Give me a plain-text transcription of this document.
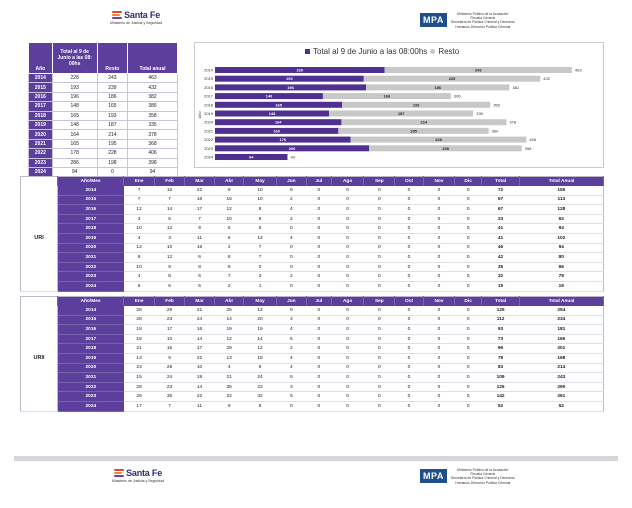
Santa Fe
Ministerio de Justicia y Seguridad	MPA
Ministerio Público de la Acusación
Fiscalía General
Secretaría de Política Criminal y Derechos
Humanos Dirección Política Criminal
Año	Total al 9 de Junio a las 08: 00hs	Resto	Total anual
2014	228	243	463
2015	193	239	432
2016	196	186	382
2017	148	165	386
2018	165	193	358
2019	148	187	335
2020	164	214	378
2021	165	195	368
2022	178	228	406
2023	286	198	398
2024	94	0	94
Total al 9 de Junio a las 08:00hs Resto
Año
2014	220	243	463
2015	193	229	432
2016	196	186	382
2017	140	166	306
2018	165	192	356
2019	148	187	335
2020	164	214	378
2021	160	195	360
2022	176	228	406
2023	200	198	398
2024	94	94
	Año\Mes	Ene	Feb	Mar	Abr	May	Jun	Jul	Ago	Sep	Oct	Nov	Dic	Total	Total Anual
URI	2014	7	16	22	9	10	8	0	0	0	0	0	0	72	155
	2015	7	7	16	15	10	2	0	0	0	0	0	0	57	113
	2016	12	14	17	12	8	4	0	0	0	0	0	0	67	128
	2017	3	5	7	10	6	2	0	0	0	0	0	0	33	62
	2018	10	12	9	5	5	0	0	0	0	0	0	0	41	94
	2019	4	3	11	6	13	4	0	0	0	0	0	0	41	102
	2020	12	10	15	2	7	0	0	0	0	0	0	0	46	94
	2021	9	12	6	8	7	0	0	0	0	0	0	0	42	80
	2022	10	9	8	8	0	0	0	0	0	0	0	0	35	66
	2023	4	8	6	7	3	2	0	0	0	0	0	0	32	78
	2024	5	6	5	2	1	0	0	0	0	0	0	0	19	19
	Año\Mes	Ene	Feb	Mar	Abr	May	Jun	Jul	Ago	Sep	Oct	Nov	Dic	Total	Total Anual
URII	2014	28	29	21	25	13	9	0	0	0	0	0	0	125	254
	2015	28	23	24	14	20	3	0	0	0	0	0	0	112	234
	2016	18	17	16	19	19	4	0	0	0	0	0	0	93	181
	2017	18	10	14	12	14	5	0	0	0	0	0	0	73	165
	2018	21	15	17	29	12	2	0	0	0	0	0	0	96	201
	2019	13	9	22	13	18	4	0	0	0	0	0	0	79	168
	2020	23	28	10	4	8	4	0	0	0	0	0	0	83	214
	2021	15	24	19	21	24	6	0	0	0	0	0	0	109	243
	2022	28	23	14	35	23	3	0	0	0	0	0	0	126	290
	2023	26	35	22	22	32	5	0	0	0	0	0	0	142	261
	2024	17	7	11	9	8	0	0	0	0	0	0	0	52	52
Santa Fe
Ministerio de Justicia y Seguridad	MPA
Ministerio Público de la Acusación
Fiscalía General
Secretaría de Política Criminal y Derechos
Humanos Dirección Política Criminal
